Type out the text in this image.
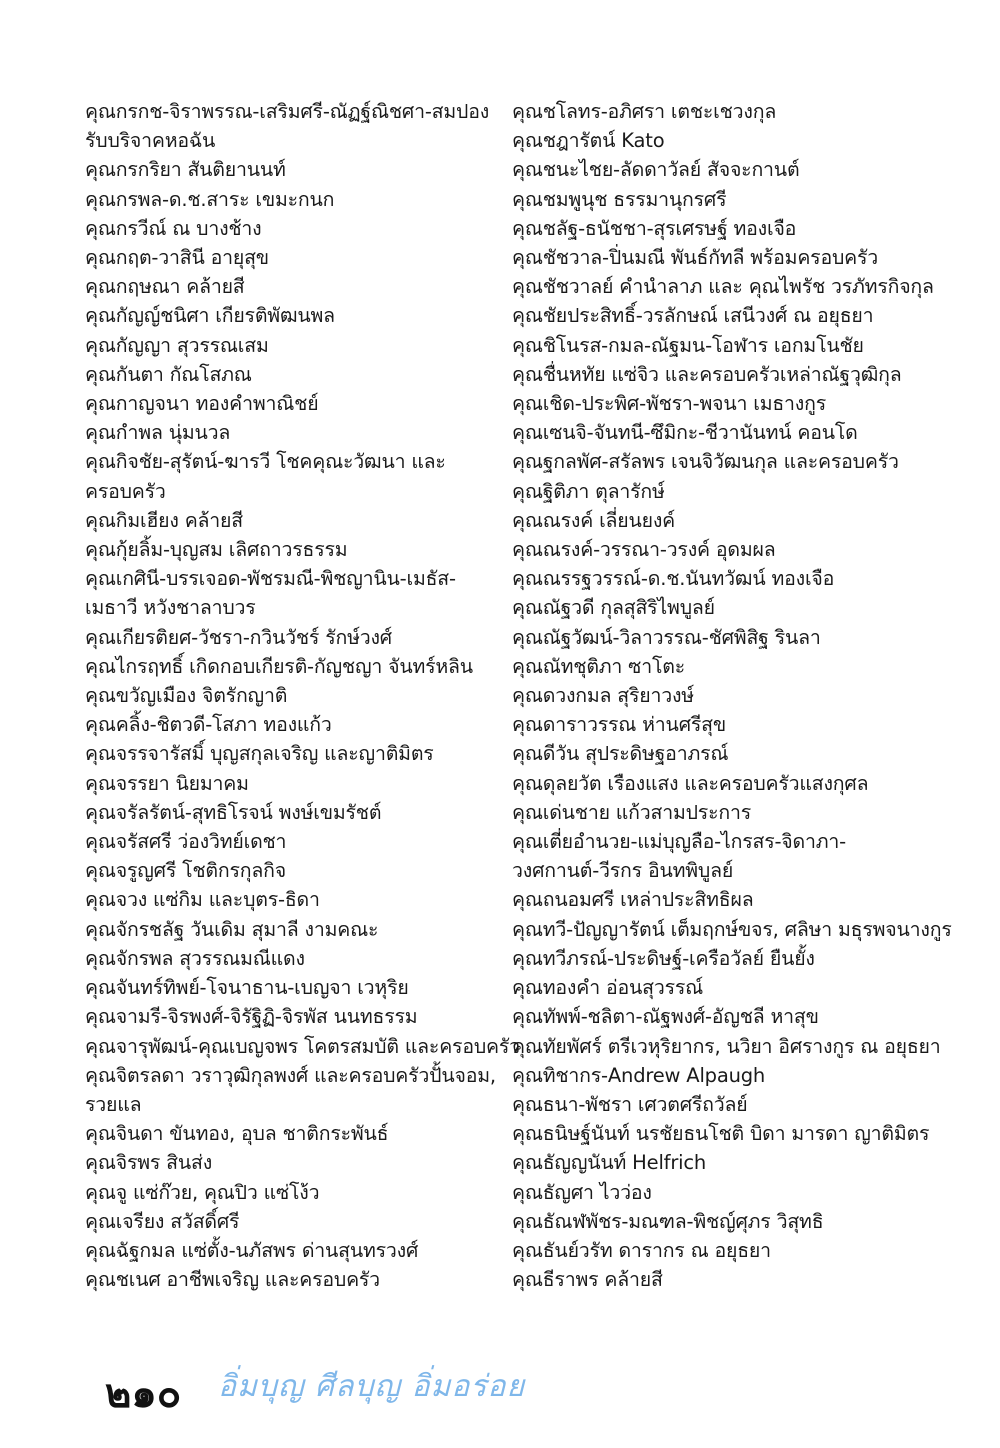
คุณกรกช-จิราพรรณ-เสริมศรี-ณัฏฐ์ณิชศา-สมปอง
รับบริจาคหอฉัน
คุณกรกริยา สันติยานนท์
คุณกรพล-ด.ช.สาระ เขมะกนก
คุณกรวีณ์ ณ บางช้าง
คุณกฤต-วาสินี อายุสุข
คุณกฤษณา คล้ายสี
คุณกัญญ์ชนิศา เกียรติพัฒนพล
คุณกัญญา สุวรรณเสม
คุณกันตา กัณโสภณ
คุณกาญจนา ทองคำพาณิชย์
คุณกำพล นุ่มนวล
คุณกิจชัย-สุรัตน์-ฆารวี โชคคุณะวัฒนา และ
ครอบครัว
คุณกิมเฮียง คล้ายสี
คุณกุ้ยลิ้ม-บุญสม เลิศถาวรธรรม
คุณเกศินี-บรรเจอด-พัชรมณี-พิชญานิน-เมธัส-
เมธาวี หวังชาลาบวร
คุณเกียรติยศ-วัชรา-กวินวัชร์ รักษ์วงศ์
คุณไกรฤทธิ์ เกิดกอบเกียรติ-กัญชญา จันทร์หลิน
คุณขวัญเมือง จิตรักญาติ
คุณคลิ้ง-ชิตวดี-โสภา ทองแก้ว
คุณจรรจารัสมิ์ บุญสกุลเจริญ และญาติมิตร
คุณจรรยา นิยมาคม
คุณจรัลรัตน์-สุทธิโรจน์ พงษ์เขมรัชต์
คุณจรัสศรี ว่องวิทย์เดชา
คุณจรูญศรี โชติกรกุลกิจ
คุณจวง แซ่กิม และบุตร-ธิดา
คุณจักรชลัฐ วันเดิม สุมาลี งามคณะ
คุณจักรพล สุวรรณมณีแดง
คุณจันทร์ทิพย์-โจนาธาน-เบญจา เวหุริย
คุณจามรี-จิรพงศ์-จิรัฐิฏิ-จิรพัส นนทธรรม
คุณจารุพัฒน์-คุณเบญจพร โคตรสมบัติ และครอบครัว
คุณจิตรลดา วราวุฒิกุลพงศ์ และครอบครัวปั้นจอม,
รวยแล
คุณจินดา ขันทอง, อุบล ชาติกระพันธ์
คุณจิรพร สินส่ง
คุณจู แซ่ก๊วย, คุณปิว แซ่โง้ว
คุณเจรียง สวัสดิ์ศรี
คุณฉัฐกมล แซ่ตั้ง-นภัสพร ด่านสุนทรวงศ์
คุณชเนศ อาชีพเจริญ และครอบครัว
คุณชโลทร-อภิศรา เตชะเชวงกุล
คุณชฎารัตน์ Kato
คุณชนะไชย-ลัดดาวัลย์ สัจจะกานต์
คุณชมพูนุช ธรรมานุกรศรี
คุณชลัฐ-ธนัชชา-สุรเศรษฐ์ ทองเจือ
คุณชัชวาล-ปิ่นมณี พันธ์กัทลี พร้อมครอบครัว
คุณชัชวาลย์ คำนำลาภ และ คุณไพรัช วรภัทรกิจกุล
คุณชัยประสิทธิ์-วรลักษณ์ เสนีวงศ์ ณ อยุธยา
คุณชิโนรส-กมล-ณัฐมน-โอฬาร เอกมโนชัย
คุณชื่นหทัย แซ่จิว และครอบครัวเหล่าณัฐวุฒิกุล
คุณเชิด-ประพิศ-พัชรา-พจนา เมธางกูร
คุณเซนจิ-จันทนี-ซึมิกะ-ชีวานันทน์ คอนโด
คุณฐกลพัศ-สรัลพร เจนจิวัฒนกุล และครอบครัว
คุณฐิติภา ตุลารักษ์
คุณณรงค์ เลี่ยนยงค์
คุณณรงค์-วรรณา-วรงค์ อุดมผล
คุณณรรฐวรรณ์-ด.ช.นันทวัฒน์ ทองเจือ
คุณณัฐวดี กุลสุสิริไพบูลย์
คุณณัฐวัฒน์-วิลาวรรณ-ชัศพิสิฐ รินลา
คุณณัทชุติภา ซาโตะ
คุณดวงกมล สุริยาวงษ์
คุณดาราวรรณ ห่านศรีสุข
คุณดีวัน สุประดิษฐอาภรณ์
คุณดุลยวัต เรืองแสง และครอบครัวแสงกุศล
คุณเด่นชาย แก้วสามประการ
คุณเตี่ยอำนวย-แม่บุญลือ-ไกรสร-จิดาภา-
วงศกานต์-วีรกร อินทพิบูลย์
คุณถนอมศรี เหล่าประสิทธิผล
คุณทวี-ปัญญารัตน์ เต็มฤกษ์ขจร, ศลิษา มธุรพจนางกูร
คุณทวีภรณ์-ประดิษฐ์-เครือวัลย์ ยืนยั้ง
คุณทองคำ อ่อนสุวรรณ์
คุณทัพพ์-ชลิตา-ณัฐพงศ์-อัญชลี หาสุข
คุณทัยพัศร์ ตรีเวหุริยากร, นวิยา อิศรางกูร ณ อยุธยา
คุณทิชากร-Andrew Alpaugh
คุณธนา-พัชรา เศวตศรีถวัลย์
คุณธนิษฐ์นันท์ นรชัยธนโชติ บิดา มารดา ญาติมิตร
คุณธัญญนันท์ Helfrich
คุณธัญศา ไวว่อง
คุณธัณฬพัชร-มณฑล-พิชญ์ศุภร วิสุทธิ
คุณธันย์วรัท ดารากร ณ อยุธยา
คุณธีราพร คล้ายสี
๒๑๐ อิ่มบุญ ศีลบุญ อิ่มอร่อย
